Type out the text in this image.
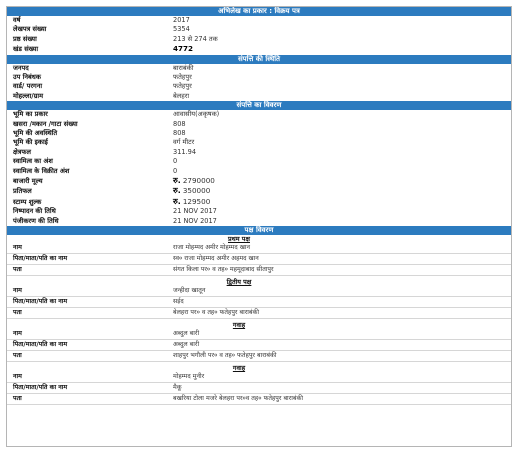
अभिलेख का प्रकार : विक्रय पत्र
वर्ष	2017
लेखपत्र संख्या	5354
प्रष्ठ संख्या	213 से 274 तक
खंड संख्या	4772
संपत्ति की स्थिति
जनपद	बाराबंकी
उप निबंधक	फतेहपुर
वार्ड/ परगना	फतेहपुर
मोहल्ला/ग्राम	बेलहरा
संपत्ति का विवरण
भूमि का प्रकार	आवासीय(अकृषक)
खसरा /मकान /गाटा संख्या	808
भूमि की अवस्थिति	808
भूमि की इकाई	वर्ग मीटर
क्षेत्रफल	311.94
स्वामित्व का अंश	0
स्वामित्व के विक्रीत अंश	0
बाजारी मूल्य	रु. 2790000
प्रतिफल	रु. 350000
स्टाम्प शुल्क	रु. 129500
निष्पादन की तिथि	21 NOV 2017
पंजीकरण की तिथि	21 NOV 2017
पक्ष विवरण
प्रथम पक्ष
नाम	राजा मोहम्मद अमीर मोहम्मद खान
पिता/माता/पति का नाम	स्व० राजा मोहम्मद अमीर अहमद खान
पता	संगत किला पर० व तह० महमूदाबाद सीतापुर
द्वितीय पक्ष
नाम	जन्हीदा खातून
पिता/माता/पति का नाम	सईद
पता	बेलहरा पर० व तह० फतेहपुर बाराबंकी
गवाह
नाम	अब्दुल बारी
पिता/माता/पति का नाम	अब्दुल बारी
पता	शाहपुर भगौली पर० व तह० फतेहपुर बाराबंकी
गवाह
नाम	मोहम्मद मुनीर
पिता/माता/पति का नाम	मैकू
पता	बखरिया टोला मजरे बेलहरा पर०व तह० फतेहपुर बाराबंकी
